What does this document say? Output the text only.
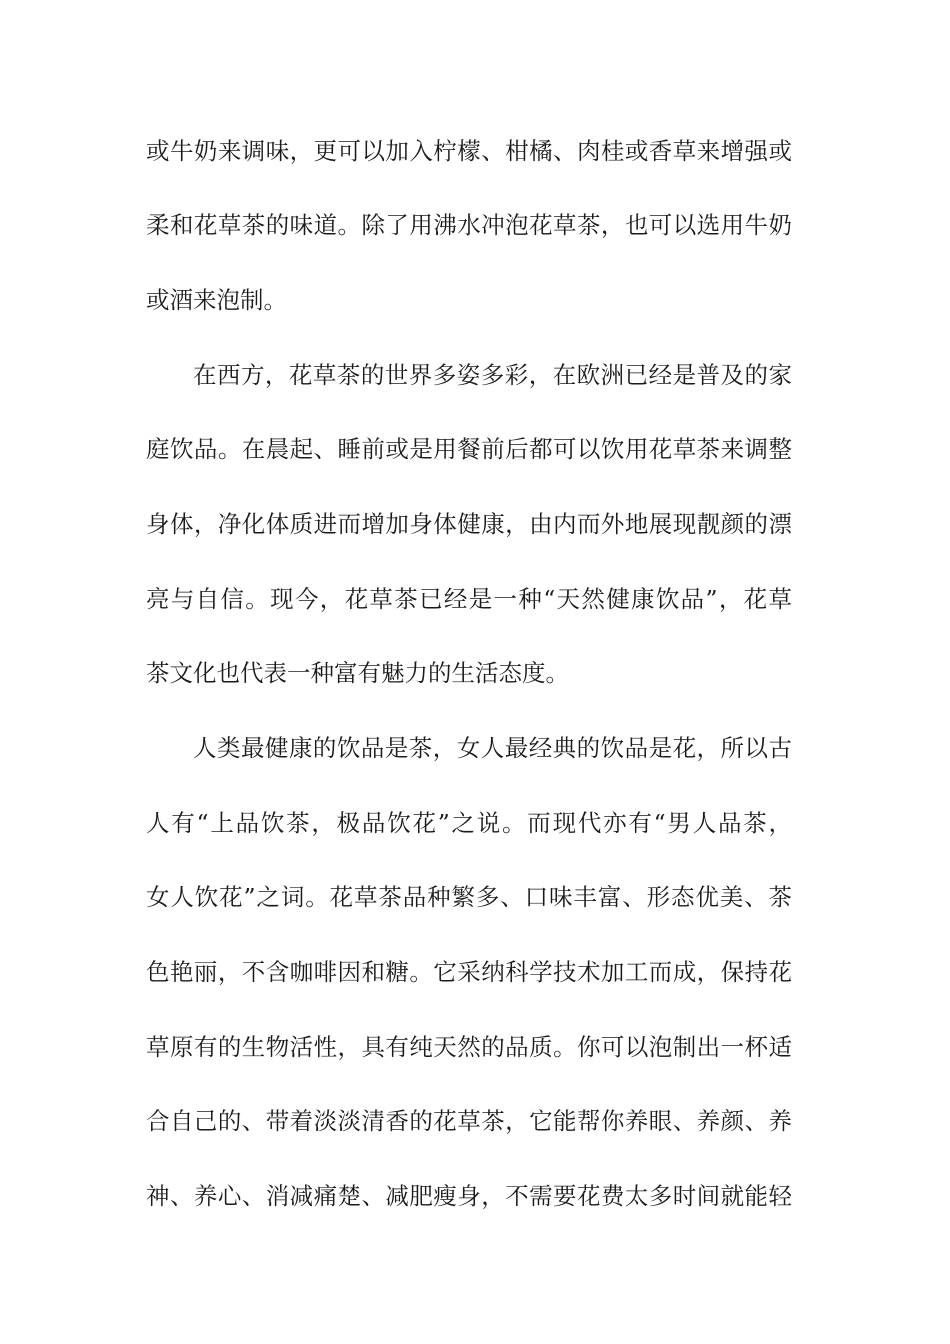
或牛奶来调味，更可以加入柠檬、柑橘、肉桂或香草来增强或
柔和花草茶的味道。除了用沸水冲泡花草茶，也可以选用牛奶
或酒来泡制。
在西方，花草茶的世界多姿多彩，在欧洲已经是普及的家
庭饮品。在晨起、睡前或是用餐前后都可以饮用花草茶来调整
身体，净化体质进而增加身体健康，由内而外地展现靓颜的漂
亮与自信。现今，花草茶已经是一种“天然健康饮品”，花草
茶文化也代表一种富有魅力的生活态度。
人类最健康的饮品是茶，女人最经典的饮品是花，所以古
人有“上品饮茶，极品饮花”之说。而现代亦有“男人品茶，
女人饮花”之词。花草茶品种繁多、口味丰富、形态优美、茶
色艳丽，不含咖啡因和糖。它采纳科学技术加工而成，保持花
草原有的生物活性，具有纯天然的品质。你可以泡制出一杯适
合自己的、带着淡淡清香的花草茶，它能帮你养眼、养颜、养
神、养心、消减痛楚、减肥瘦身，不需要花费太多时间就能轻
